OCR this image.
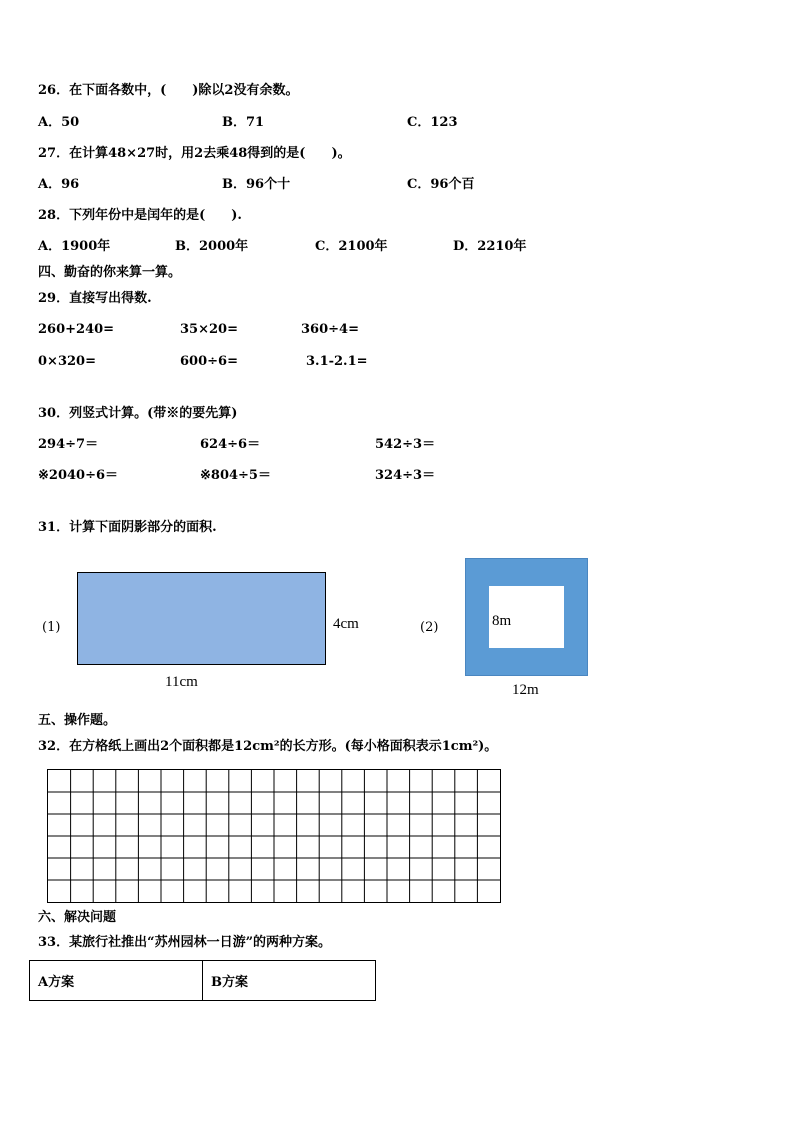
26．在下面各数中，(　　)除以2没有余数。
A．50	B．71	C．123
27．在计算48×27时，用2去乘48得到的是(　　)。
A．96	B．96个十	C．96个百
28．下列年份中是闰年的是(　　).
A．1900年	B．2000年	C．2100年	D．2210年
四、勤奋的你来算一算。
29．直接写出得数.
260+240=	35×20=	360÷4=
0×320=	600÷6=	3.1-2.1=
30．列竖式计算。(带※的要先算)
294÷7＝	624÷6＝	542÷3＝
※2040÷6＝	※804÷5＝	324÷3＝
31．计算下面阴影部分的面积.
(1)	4cm
11cm
(2)	8m
12m
五、操作题。
32．在方格纸上画出2个面积都是12cm²的长方形。(每小格面积表示1cm²)。
六、解决问题
33．某旅行社推出“苏州园林一日游”的两种方案。
A方案	B方案
